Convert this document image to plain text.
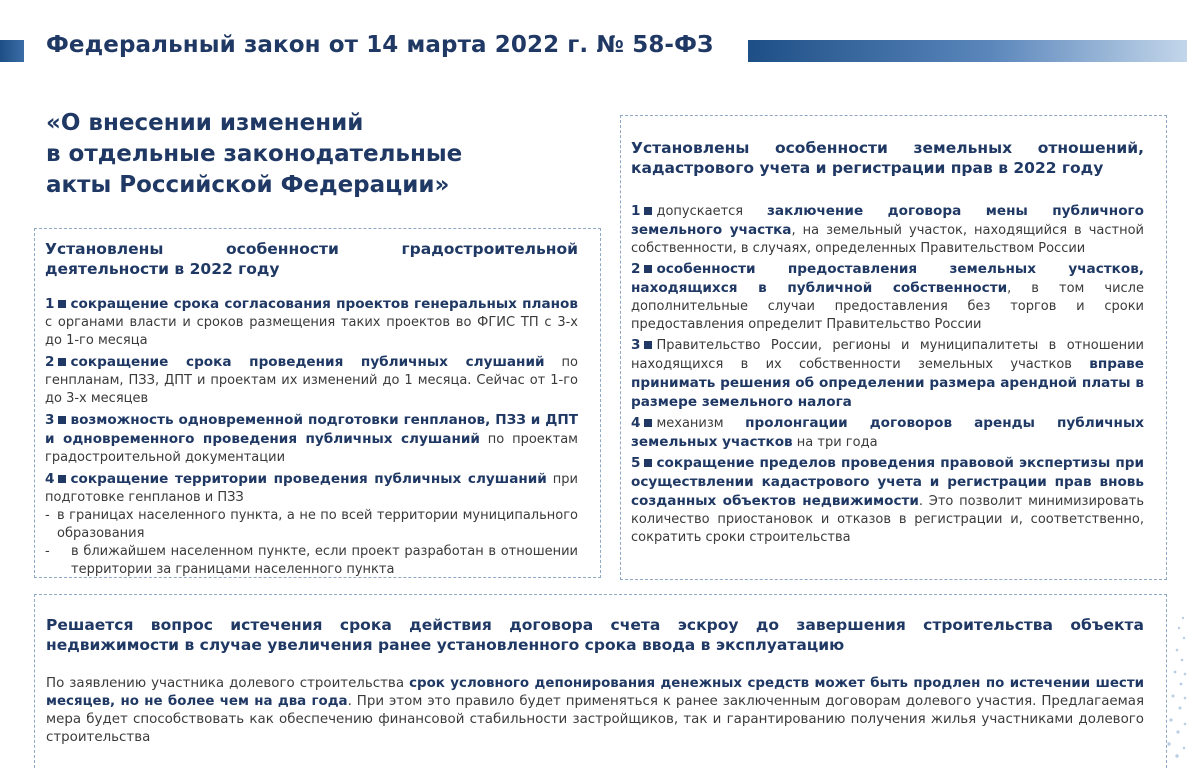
Федеральный закон от 14 марта 2022 г. № 58-ФЗ
«О внесении изменений
в отдельные законодательные
акты Российской Федерации»
Установлены особенности градостроительной деятельности в 2022 году
1 сокращение срока согласования проектов генеральных планов с органами власти и сроков размещения таких проектов во ФГИС ТП с 3-х до 1-го месяца
2 сокращение срока проведения публичных слушаний по генпланам, ПЗЗ, ДПТ и проектам их изменений до 1 месяца. Сейчас от 1-го до 3-х месяцев
3 возможность одновременной подготовки генпланов, ПЗЗ и ДПТ и одновременного проведения публичных слушаний по проектам градостроительной документации
4 сокращение территории проведения публичных слушаний при подготовке генпланов и ПЗЗ
- в границах населенного пункта, а не по всей территории муниципального образования
-	в ближайшем населенном пункте, если проект разработан в отношении территории за границами населенного пункта
Установлены особенности земельных отношений, кадастрового учета и регистрации прав в 2022 году
1 допускается заключение договора мены публичного земельного участка, на земельный участок, находящийся в частной собственности, в случаях, определенных Правительством России
2 особенности предоставления земельных участков, находящихся в публичной собственности, в том числе дополнительные случаи предоставления без торгов и сроки предоставления определит Правительство России
3 Правительство России, регионы и муниципалитеты в отношении находящихся в их собственности земельных участков вправе принимать решения об определении размера арендной платы в размере земельного налога
4 механизм пролонгации договоров аренды публичных земельных участков на три года
5 сокращение пределов проведения правовой экспертизы при осуществлении кадастрового учета и регистрации прав вновь созданных объектов недвижимости. Это позволит минимизировать количество приостановок и отказов в регистрации и, соответственно, сократить сроки строительства
Решается вопрос истечения срока действия договора счета эскроу до завершения строительства объекта недвижимости в случае увеличения ранее установленного срока ввода в эксплуатацию
По заявлению участника долевого строительства срок условного депонирования денежных средств может быть продлен по истечении шести месяцев, но не более чем на два года. При этом это правило будет применяться к ранее заключенным договорам долевого участия. Предлагаемая мера будет способствовать как обеспечению финансовой стабильности застройщиков, так и гарантированию получения жилья участниками долевого строительства
